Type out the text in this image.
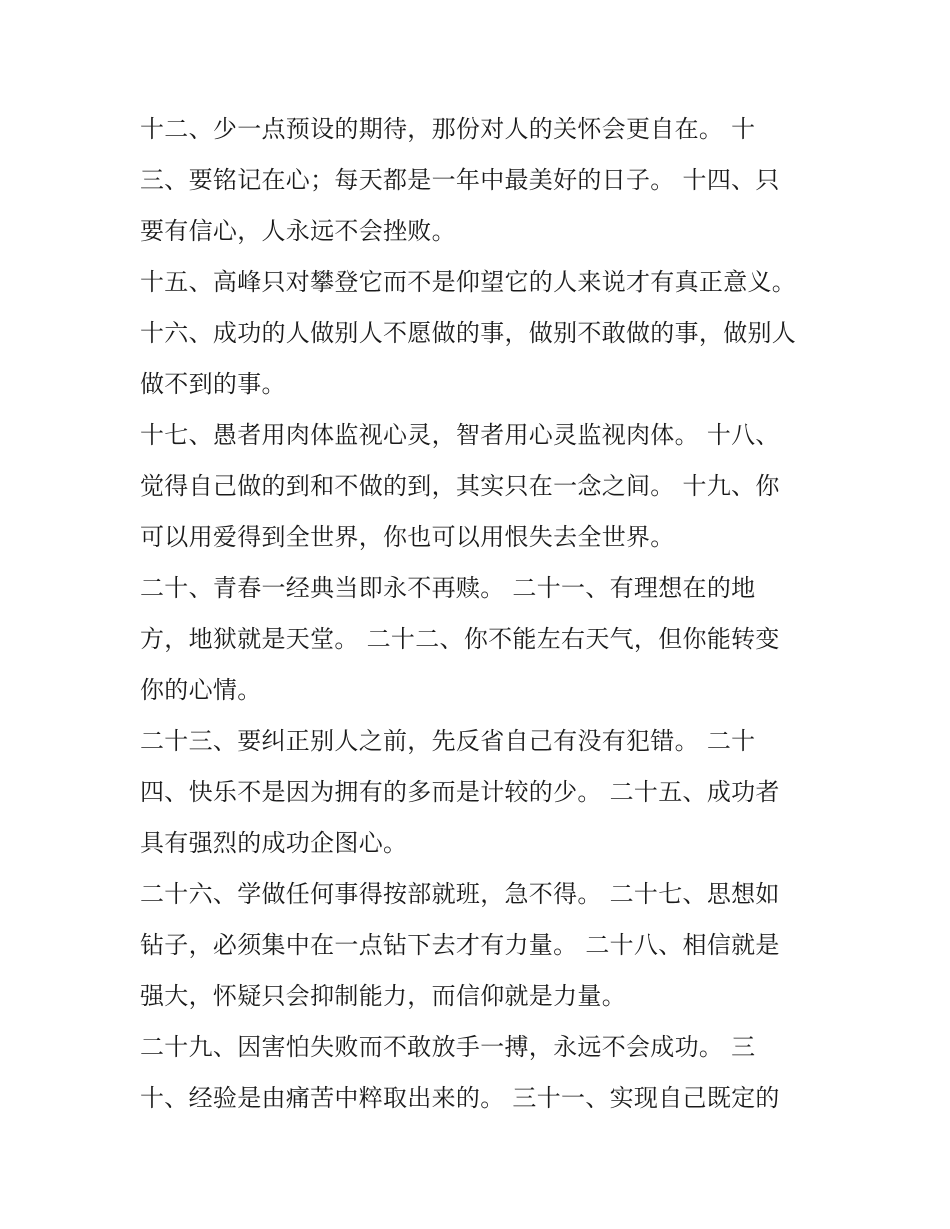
十二、少一点预设的期待，那份对人的关怀会更自在。 十
三、要铭记在心；每天都是一年中最美好的日子。 十四、只
要有信心，人永远不会挫败。
十五、高峰只对攀登它而不是仰望它的人来说才有真正意义。
十六、成功的人做别人不愿做的事，做别不敢做的事，做别人
做不到的事。
十七、愚者用肉体监视心灵，智者用心灵监视肉体。 十八、
觉得自己做的到和不做的到，其实只在一念之间。 十九、你
可以用爱得到全世界，你也可以用恨失去全世界。
二十、青春一经典当即永不再赎。 二十一、有理想在的地
方，地狱就是天堂。 二十二、你不能左右天气，但你能转变
你的心情。
二十三、要纠正别人之前，先反省自己有没有犯错。 二十
四、快乐不是因为拥有的多而是计较的少。 二十五、成功者
具有强烈的成功企图心。
二十六、学做任何事得按部就班，急不得。 二十七、思想如
钻子，必须集中在一点钻下去才有力量。 二十八、相信就是
强大，怀疑只会抑制能力，而信仰就是力量。
二十九、因害怕失败而不敢放手一搏，永远不会成功。 三
十、经验是由痛苦中粹取出来的。 三十一、实现自己既定的
